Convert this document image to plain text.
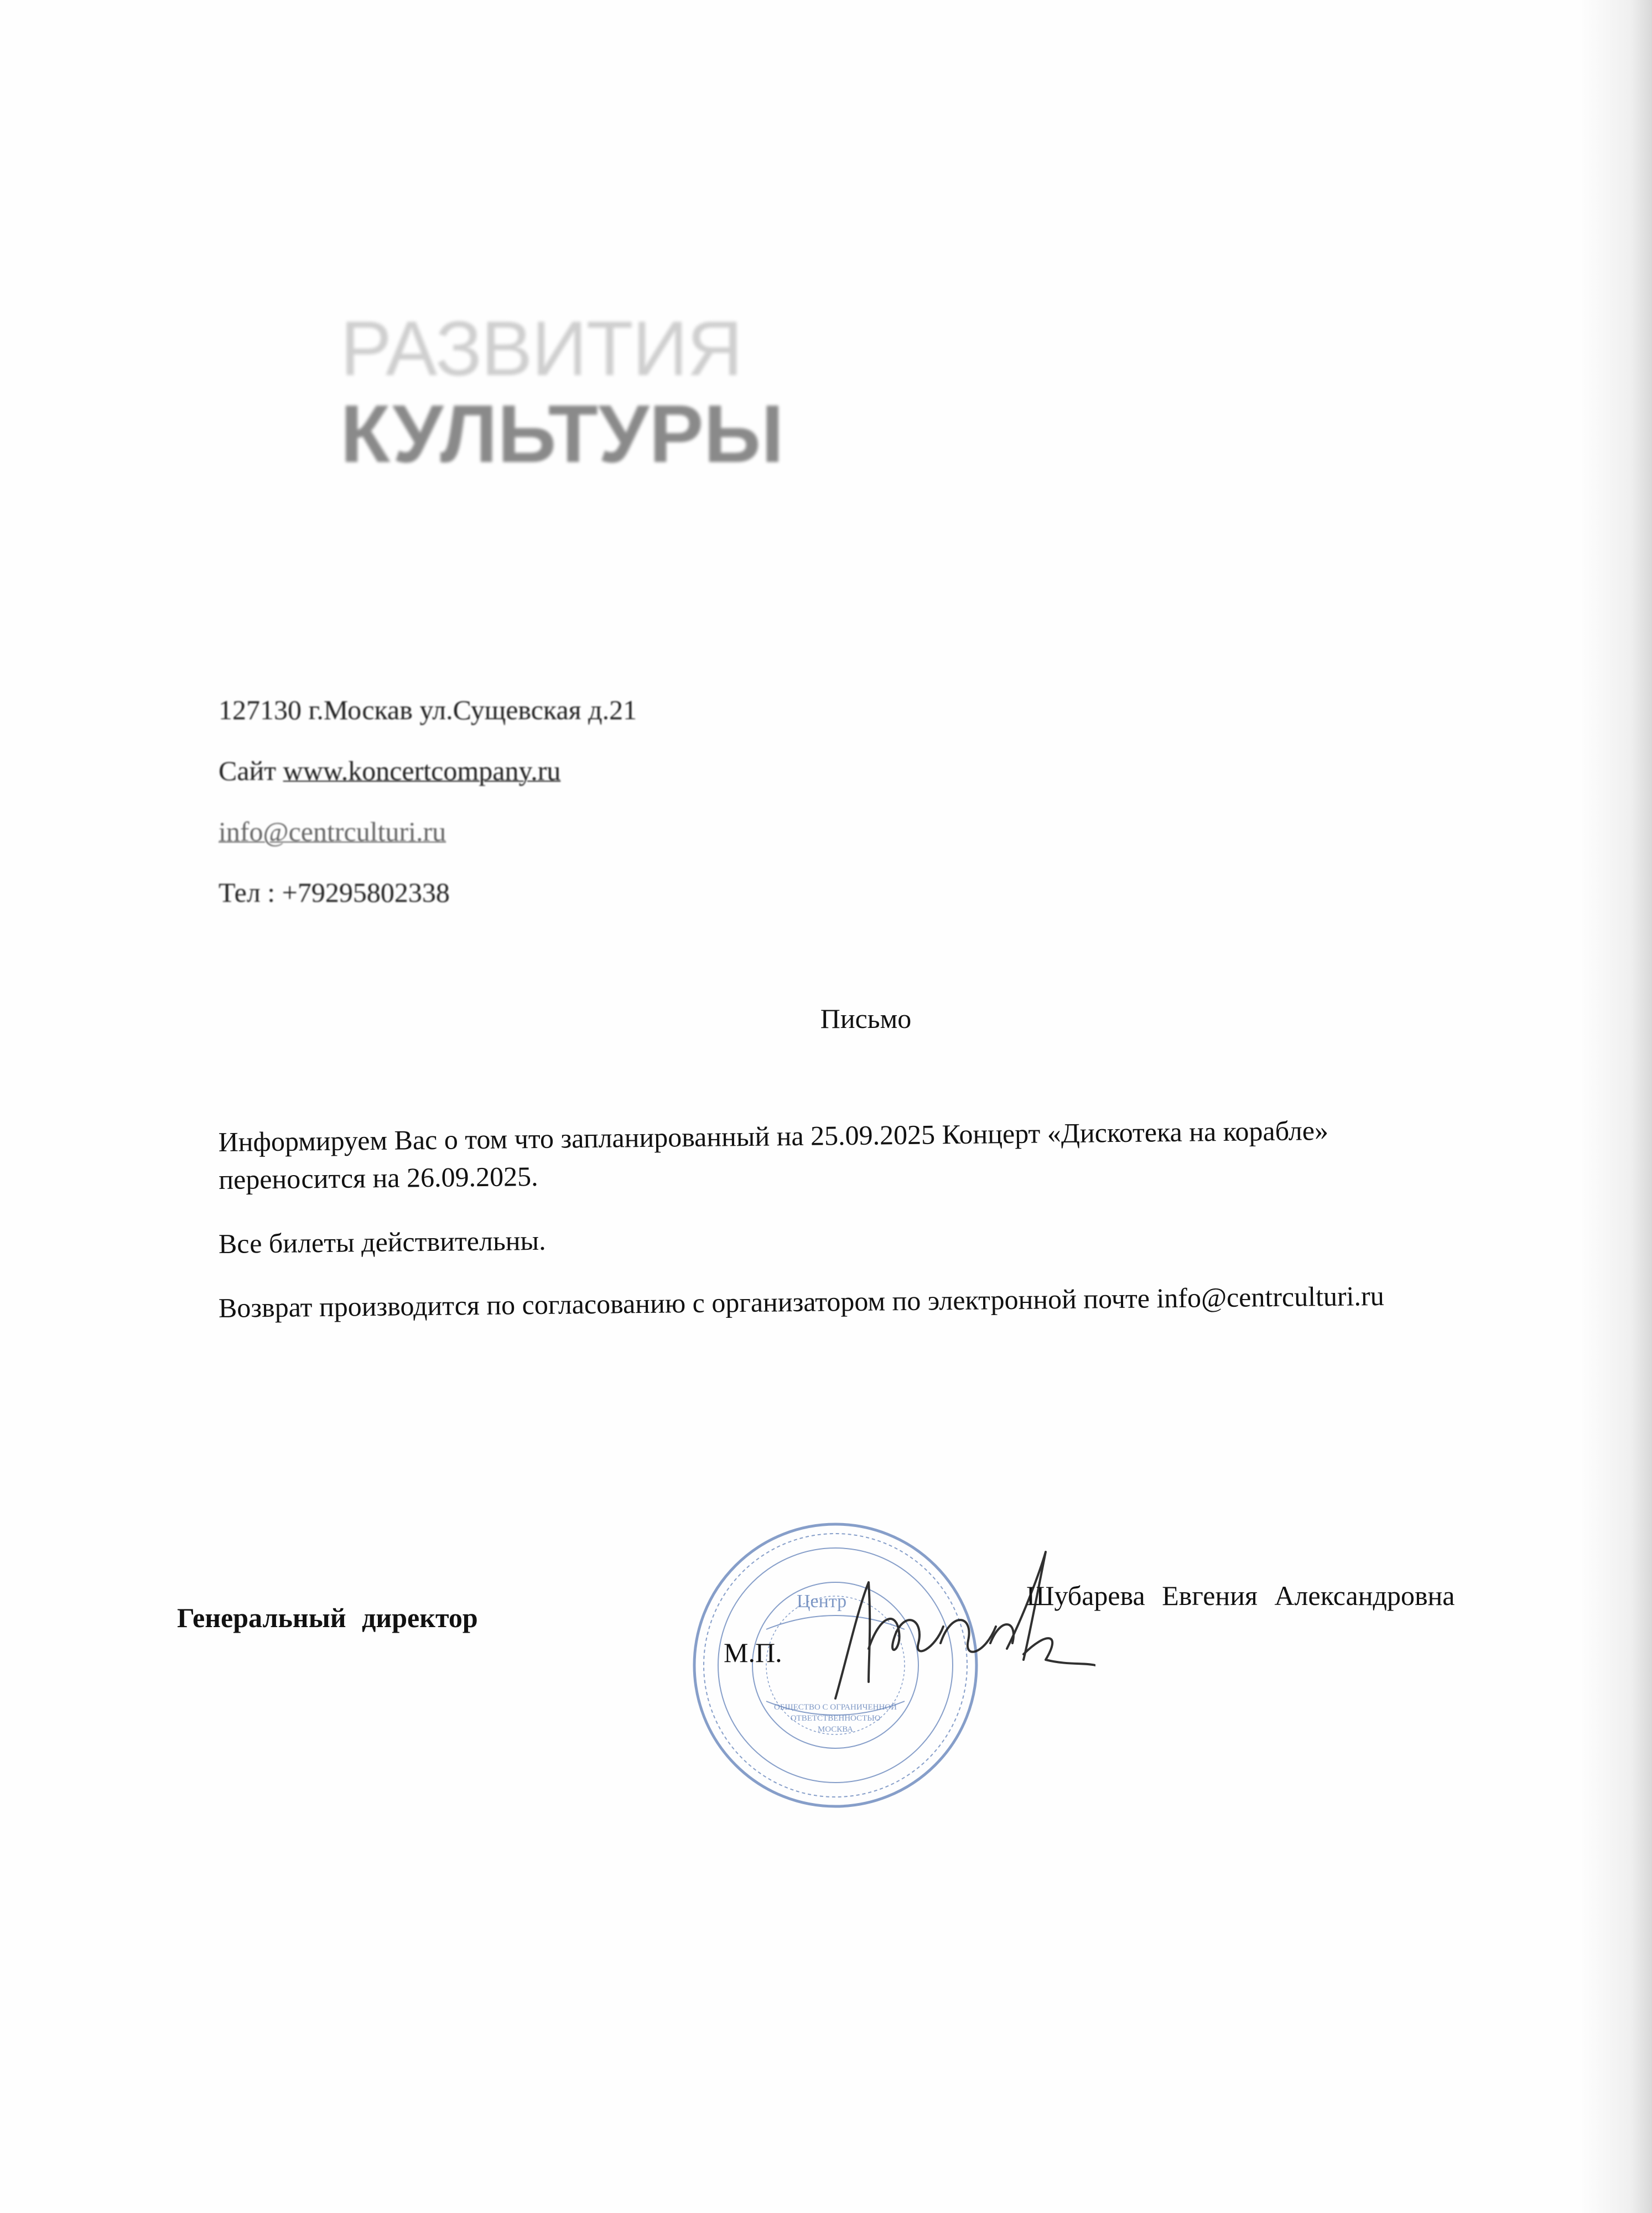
РАЗВИТИЯ
КУЛЬТУРЫ
127130 г.Москав ул.Сущевская д.21
Сайт www.koncertcompany.ru
info@centrculturi.ru
Тел : +79295802338
Письмо

Информируем Вас о том что запланированный на 25.09.2025 Концерт «Дискотека на корабле» переносится на 26.09.2025.

Все билеты действительны.

Возврат производится по согласованию с организатором по электронной почте info@centrculturi.ru

Центр
ОБЩЕСТВО С ОГРАНИЧЕННОЙ
ОТВЕТСТВЕННОСТЬЮ
МОСКВА
Генеральный директор
М.П.
Шубарева Евгения Александровна
